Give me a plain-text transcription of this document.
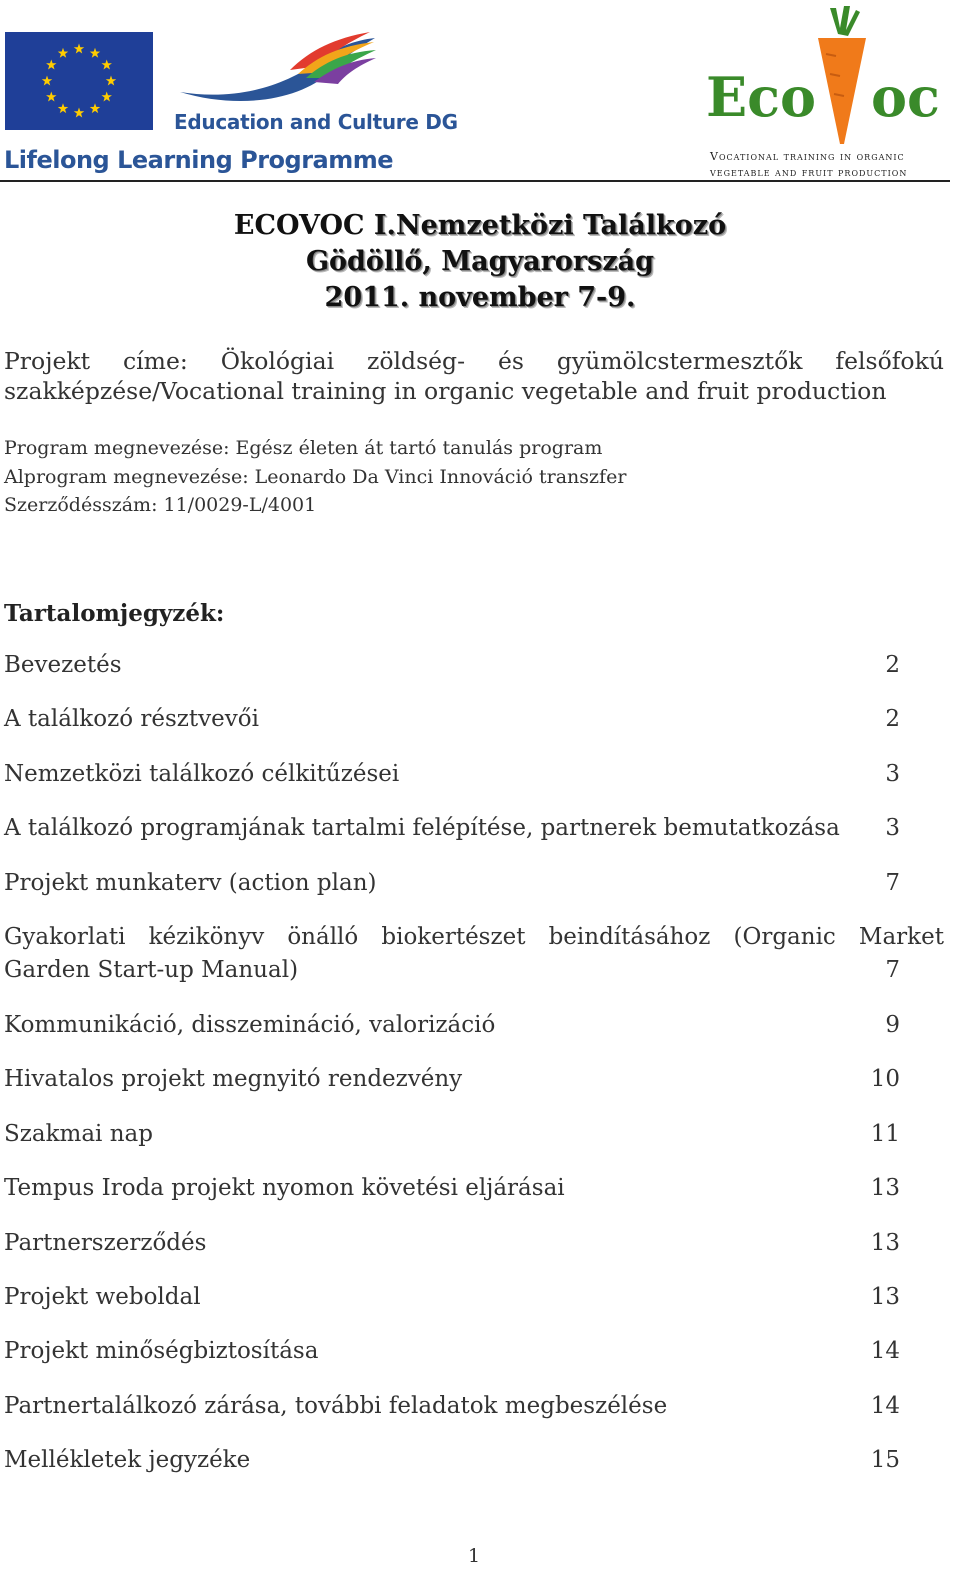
Education and Culture DG
Lifelong Learning Programme
Eco oc
Vocational training in organic
vegetable and fruit production
ECOVOC I.Nemzetközi Találkozó
Gödöllő, Magyarország
2011. november 7-9.
Projekt címe: Ökológiai zöldség- és gyümölcstermesztők felsőfokú
szakképzése/Vocational training in organic vegetable and fruit production
Program megnevezése: Egész életen át tartó tanulás program
Alprogram megnevezése: Leonardo Da Vinci Innováció transzfer
Szerződésszám: 11/0029-L/4001
Tartalomjegyzék:
Bevezetés	2
A találkozó résztvevői	2
Nemzetközi találkozó célkitűzései	3
A találkozó programjának tartalmi felépítése, partnerek bemutatkozása 3
Projekt munkaterv (action plan)	7
Gyakorlati kézikönyv önálló biokertészet beindításához (Organic Market
Garden Start-up Manual)	7
Kommunikáció, disszemináció, valorizáció	9
Hivatalos projekt megnyitó rendezvény	10
Szakmai nap	11
Tempus Iroda projekt nyomon követési eljárásai	13
Partnerszerződés	13
Projekt weboldal	13
Projekt minőségbiztosítása	14
Partnertalálkozó zárása, további feladatok megbeszélése	14
Mellékletek jegyzéke	15
1
